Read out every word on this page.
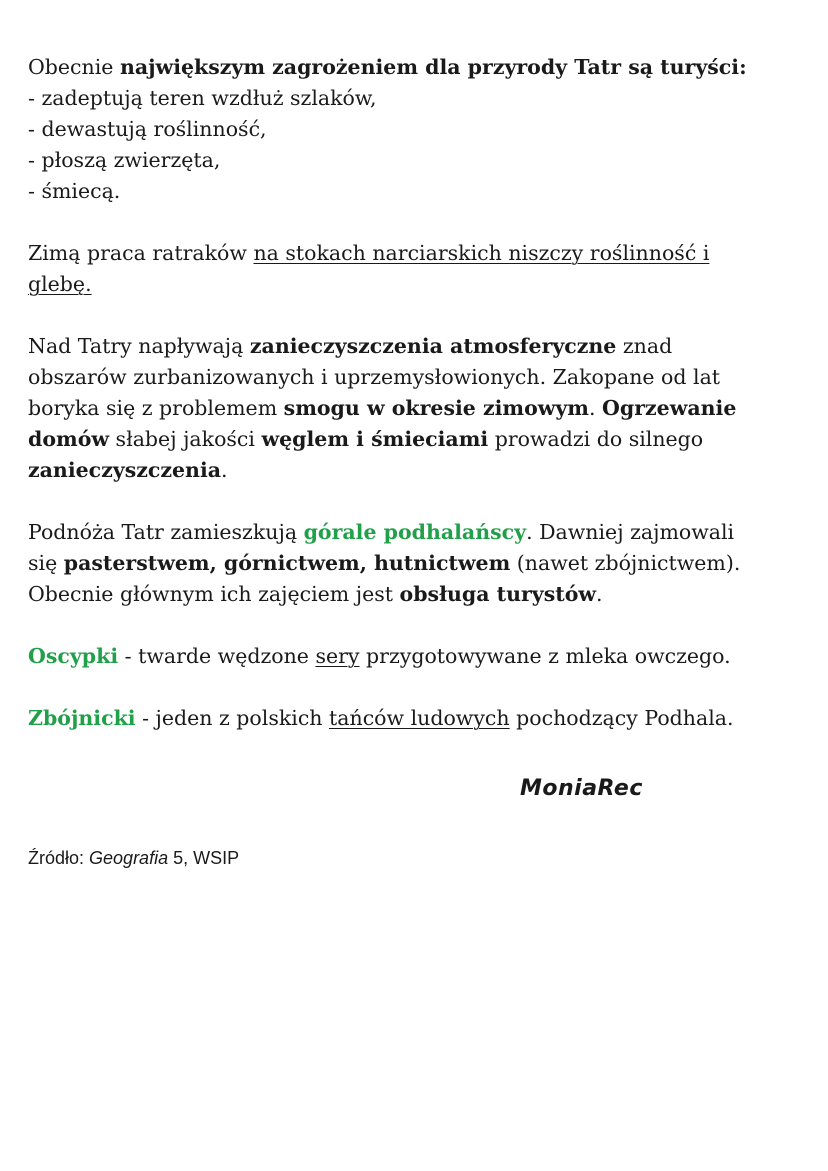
Obecnie największym zagrożeniem dla przyrody Tatr są turyści:
- zadeptują teren wzdłuż szlaków,
- dewastują roślinność,
- płoszą zwierzęta,
- śmiecą.
Zimą praca ratraków na stokach narciarskich niszczy roślinność i
glebę.
Nad Tatry napływają zanieczyszczenia atmosferyczne znad
obszarów zurbanizowanych i uprzemysłowionych. Zakopane od lat
boryka się z problemem smogu w okresie zimowym. Ogrzewanie
domów słabej jakości węglem i śmieciami prowadzi do silnego
zanieczyszczenia.
Podnóża Tatr zamieszkują górale podhalańscy. Dawniej zajmowali
się pasterstwem, górnictwem, hutnictwem (nawet zbójnictwem).
Obecnie głównym ich zajęciem jest obsługa turystów.
Oscypki - twarde wędzone sery przygotowywane z mleka owczego.
Zbójnicki - jeden z polskich tańców ludowych pochodzący Podhala.
MoniaRec
Źródło: Geografia 5, WSIP
